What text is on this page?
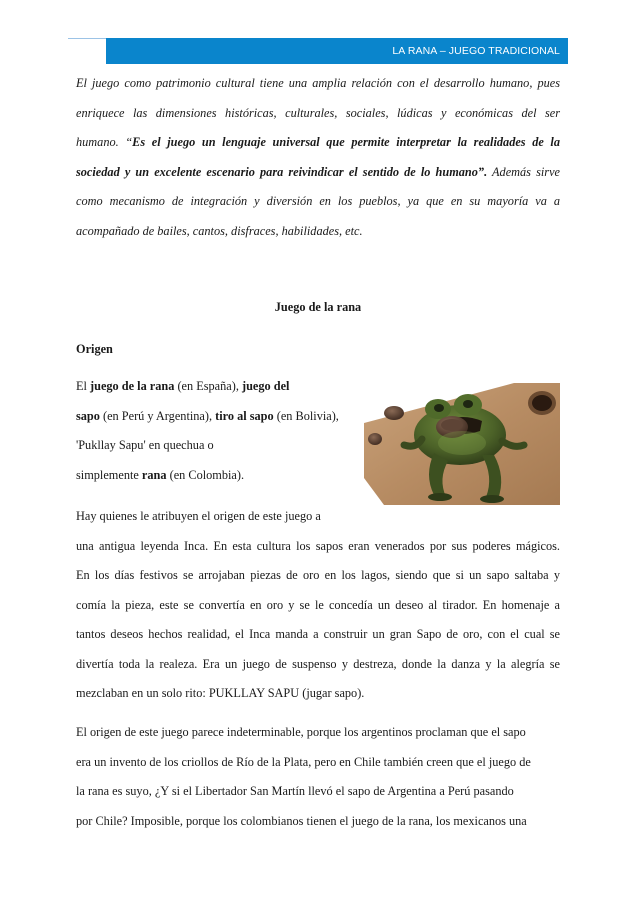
LA RANA – JUEGO TRADICIONAL
El juego como patrimonio cultural tiene una amplia relación con el desarrollo humano, pues
enriquece las dimensiones históricas, culturales, sociales, lúdicas y económicas del ser
humano. “Es el juego un lenguaje universal que permite interpretar la realidades de la
sociedad y un excelente escenario para reivindicar el sentido de lo humano”. Además sirve
como mecanismo de integración y diversión en los pueblos, ya que en su mayoría va a
acompañado de bailes, cantos, disfraces, habilidades, etc.
Juego de la rana
Origen
El juego de la rana (en España), juego del
sapo (en Perú y Argentina), tiro al sapo (en Bolivia),
'Pukllay Sapu' en quechua o
simplemente rana (en Colombia).
Hay quienes le atribuyen el origen de este juego a
una antigua leyenda Inca. En esta cultura los sapos eran venerados por sus poderes mágicos.
En los días festivos se arrojaban piezas de oro en los lagos, siendo que si un sapo saltaba y
comía la pieza, este se convertía en oro y se le concedía un deseo al tirador. En homenaje a
tantos deseos hechos realidad, el Inca manda a construir un gran Sapo de oro, con el cual se
divertía toda la realeza. Era un juego de suspenso y destreza, donde la danza y la alegría se
mezclaban en un solo rito: PUKLLAY SAPU (jugar sapo).
El origen de este juego parece indeterminable, porque los argentinos proclaman que el sapo
era un invento de los criollos de Río de la Plata, pero en Chile también creen que el juego de
la rana es suyo, ¿Y si el Libertador San Martín llevó el sapo de Argentina a Perú pasando
por Chile? Imposible, porque los colombianos tienen el juego de la rana, los mexicanos una
